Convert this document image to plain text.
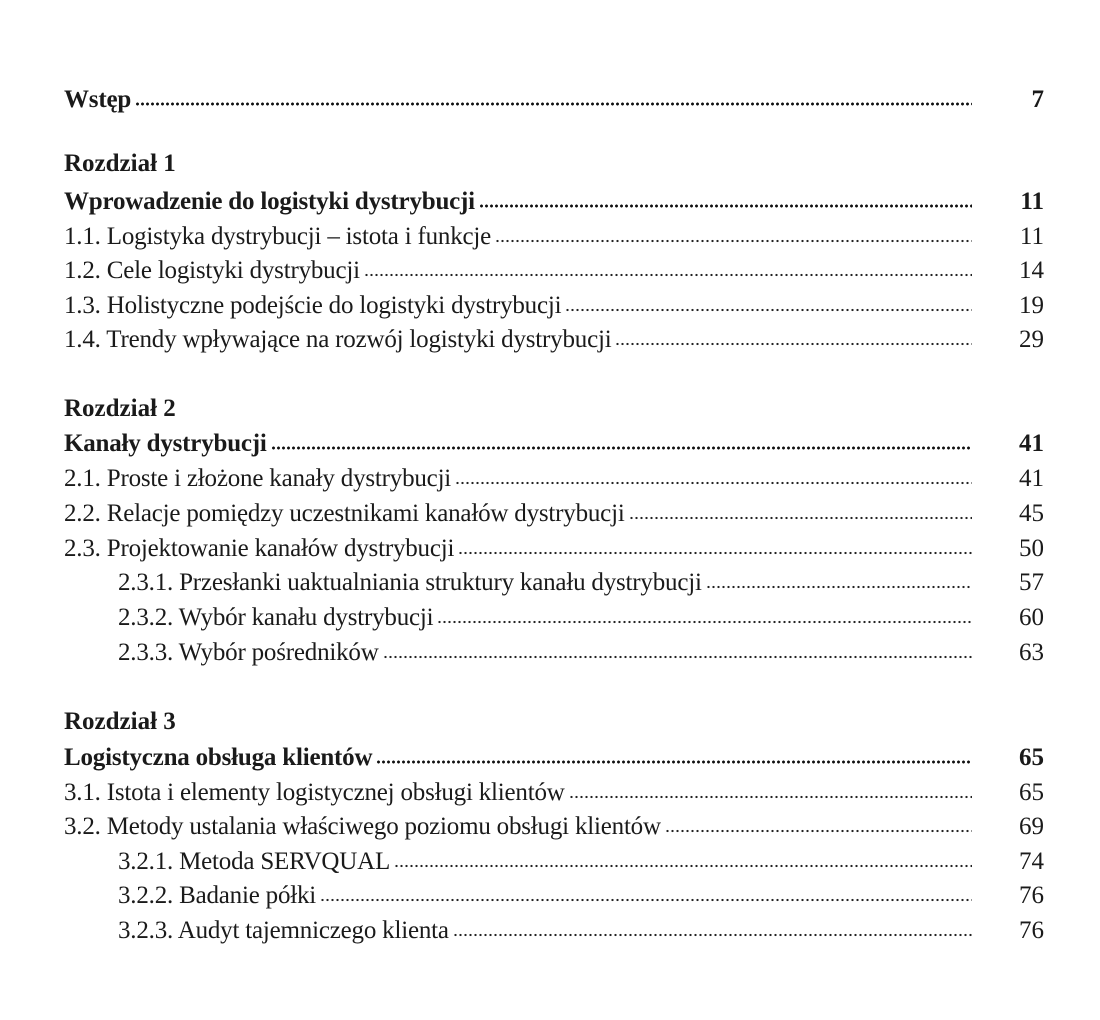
Wstęp	7
Rozdział 1
Wprowadzenie do logistyki dystrybucji	11
1.1. Logistyka dystrybucji – istota i funkcje	11
1.2. Cele logistyki dystrybucji	14
1.3. Holistyczne podejście do logistyki dystrybucji	19
1.4. Trendy wpływające na rozwój logistyki dystrybucji	29
Rozdział 2
Kanały dystrybucji	41
2.1. Proste i złożone kanały dystrybucji	41
2.2. Relacje pomiędzy uczestnikami kanałów dystrybucji	45
2.3. Projektowanie kanałów dystrybucji	50
2.3.1. Przesłanki uaktualniania struktury kanału dystrybucji	57
2.3.2. Wybór kanału dystrybucji	60
2.3.3. Wybór pośredników	63
Rozdział 3
Logistyczna obsługa klientów	65
3.1. Istota i elementy logistycznej obsługi klientów	65
3.2. Metody ustalania właściwego poziomu obsługi klientów	69
3.2.1. Metoda SERVQUAL	74
3.2.2. Badanie półki	76
3.2.3. Audyt tajemniczego klienta	76
